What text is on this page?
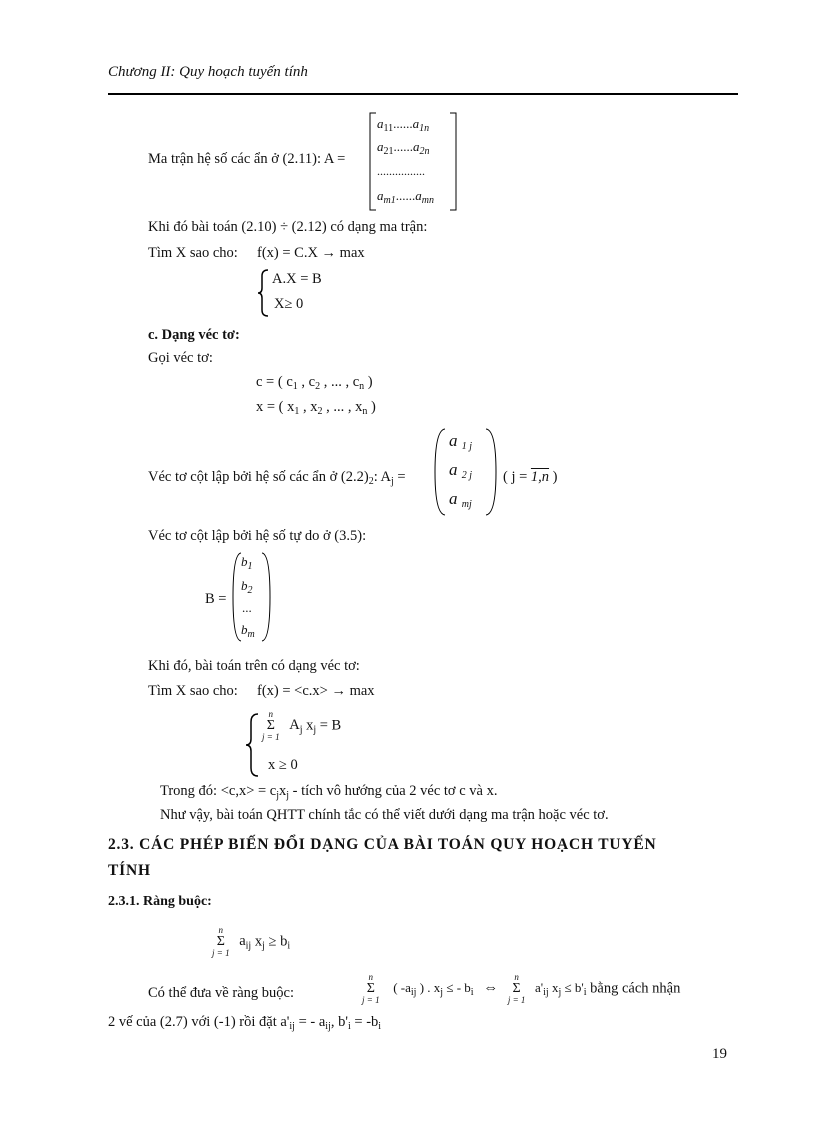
Chương II: Quy hoạch tuyến tính
Ma trận hệ số các ẩn ở (2.11): A =
$a_{11}......a_{1n}$
$a_{21}......a_{2n}$
................
$a_{m1}......a_{mn}$
Khi đó bài toán (2.10) ÷ (2.12) có dạng ma trận:
Tìm X sao cho: f(x) = C.X → max
A.X = B
X≥ 0
c. Dạng véc tơ:
Gọi véc tơ:
c = ( $c_1$ , $c_2$ , ... , $c_n$ )
x = ( $x_1$ , $x_2$ , ... , $x_n$ )
Véc tơ cột lập bởi hệ số các ẩn ở $(2.2)_2$: $A_j$ =
a $_{1 j}$
a $_{2 j}$
a $_{mj}$
( j = 1,n )
Véc tơ cột lập bởi hệ số tự do ở (3.5):
B =
$b_1$
$b_2$
...
$b_m$
Khi đó, bài toán trên có dạng véc tơ:
Tìm X sao cho: f(x) = <c.x> → max
n
Σ
j = 1
$A_j$ $x_j = B$
x ≥ 0
Trong đó: $<c,x> = c_jx_j$ - tích vô hướng của 2 véc tơ c và x.
Như vậy, bài toán QHTT chính tắc có thể viết dưới dạng ma trận hoặc véc tơ.
2.3. CÁC PHÉP BIẾN ĐỔI DẠNG CỦA BÀI TOÁN QUY HOẠCH TUYẾN
TÍNH
2.3.1. Ràng buộc:
n
Σ
j = 1
$a_{ij}$ $x_j \ge b_i$
Có thể đưa về ràng buộc:
n
Σ
j = 1
( $-a_{ij}$ ) . $x_j$ ≤ - $b_i$ ⇔
n
Σ
j = 1
$a'_{ij}$ $x_j \le b'_i$ bằng cách nhận
2 vế của (2.7) với (-1) rồi đặt $a'_{ij}$ = - $a_{ij}$, $b'_i = -b_i$
19
